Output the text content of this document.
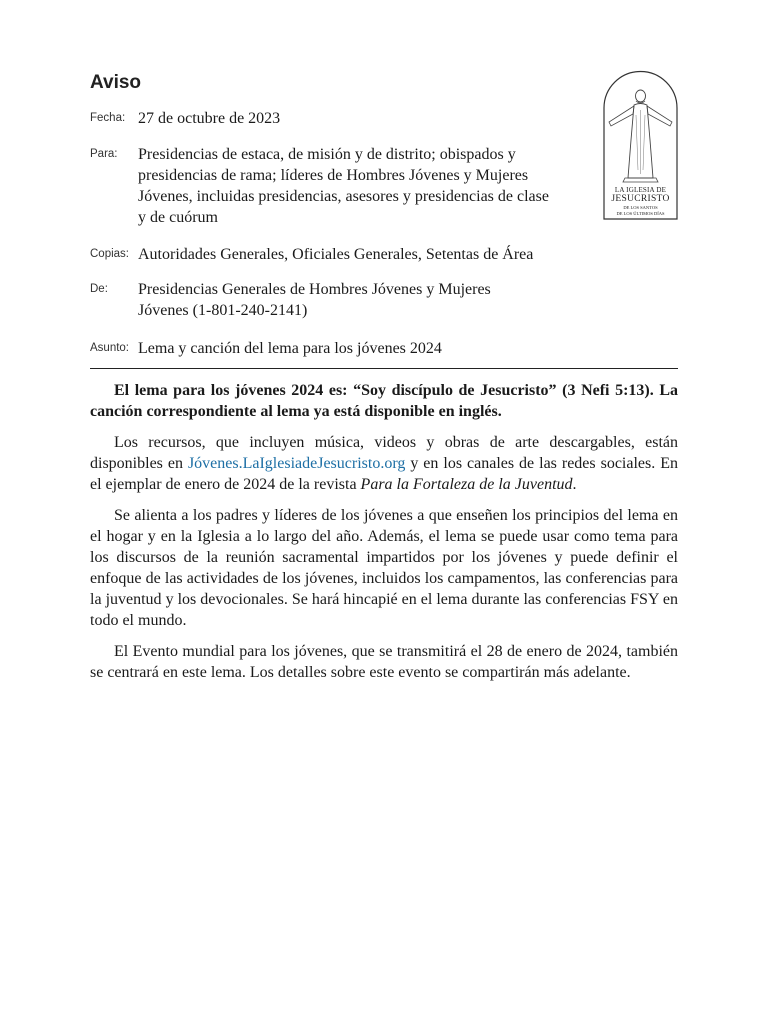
Aviso
LA IGLESIA DE
JESUCRISTO
DE LOS SANTOS
DE LOS ÚLTIMOS DÍAS
Fecha: 27 de octubre de 2023
Para: Presidencias de estaca, de misión y de distrito; obispados y presidencias de rama; líderes de Hombres Jóvenes y Mujeres Jóvenes, incluidas presidencias, asesores y presidencias de clase y de cuórum
Copias: Autoridades Generales, Oficiales Generales, Setentas de Área
De: Presidencias Generales de Hombres Jóvenes y Mujeres Jóvenes (1-801-240-2141)
Asunto: Lema y canción del lema para los jóvenes 2024

El lema para los jóvenes 2024 es: “Soy discípulo de Jesucristo” (3 Nefi 5:13). La canción correspondiente al lema ya está disponible en inglés.

Los recursos, que incluyen música, videos y obras de arte descargables, están disponibles en Jóvenes.LaIglesiadeJesucristo.org y en los canales de las redes sociales. En el ejemplar de enero de 2024 de la revista Para la Fortaleza de la Juventud.

Se alienta a los padres y líderes de los jóvenes a que enseñen los principios del lema en el hogar y en la Iglesia a lo largo del año. Además, el lema se puede usar como tema para los discursos de la reunión sacramental impartidos por los jóvenes y puede definir el enfoque de las actividades de los jóvenes, incluidos los campamentos, las conferencias para la juventud y los devocionales. Se hará hincapié en el lema durante las conferencias FSY en todo el mundo.

El Evento mundial para los jóvenes, que se transmitirá el 28 de enero de 2024, también se centrará en este lema. Los detalles sobre este evento se compartirán más adelante.
